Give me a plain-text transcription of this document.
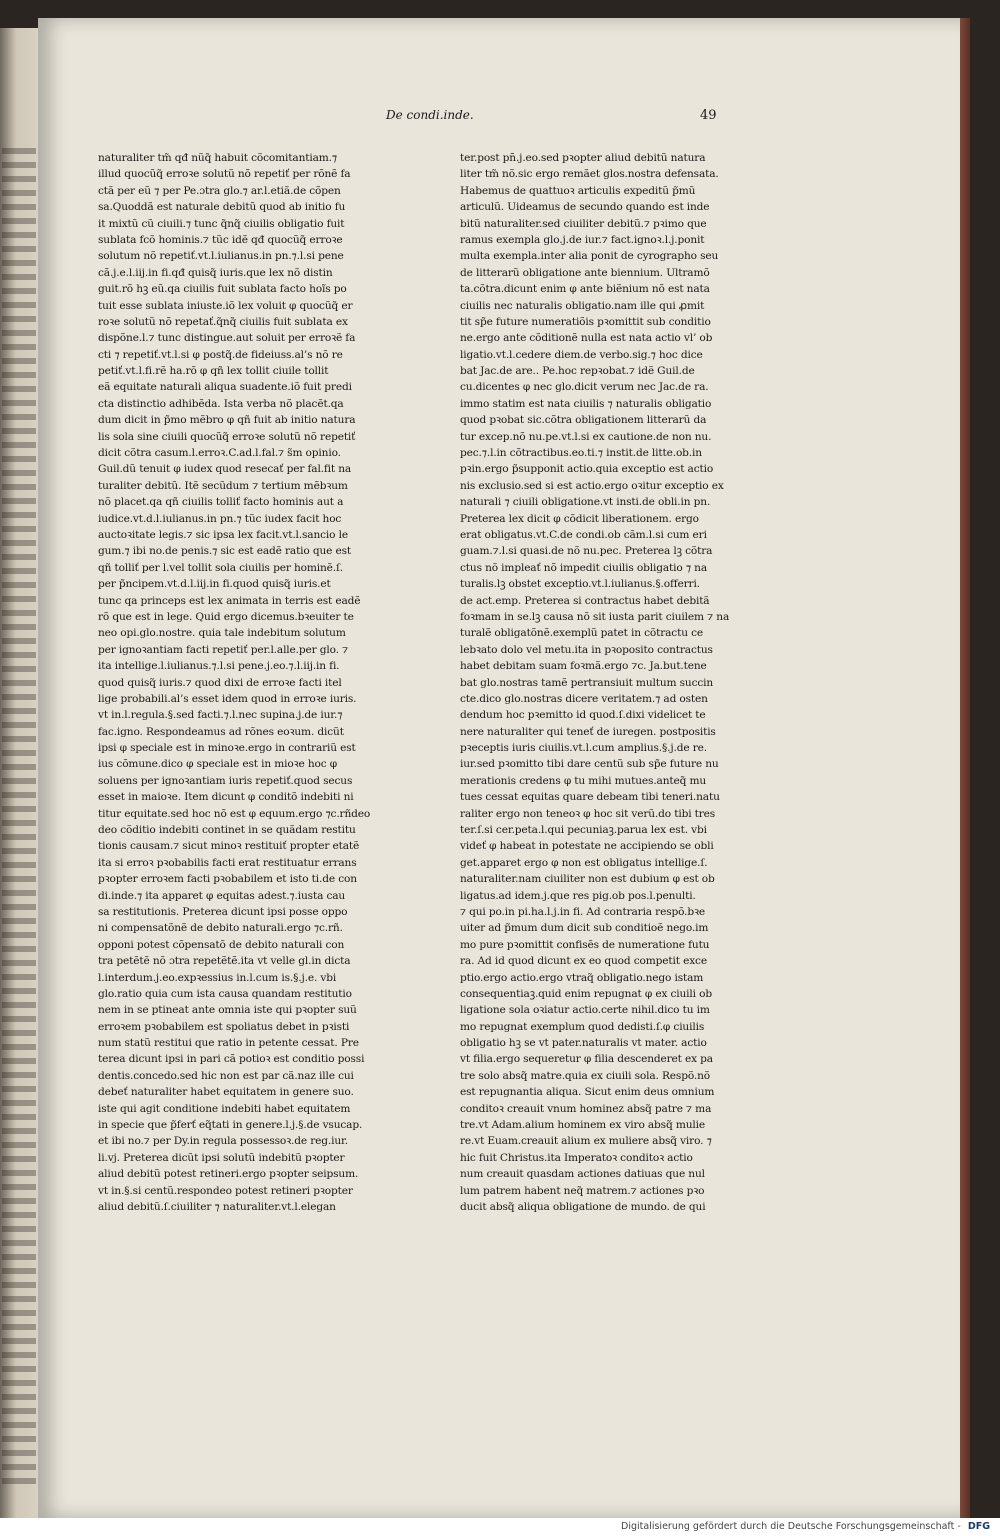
De condi.inde.	49
naturaliter tm̃ qđ nũq̃ habuit cõcomitantiam.⁊
illud quocũq̃ erroꝛe solutũ nõ repetiť per rõnẽ fa
ctã per eũ ⁊ per Pe.ɔtra glo.⁊ ar.l.etiã.de cõpen
sa.Quoddã est naturale debitũ quod ab initio fu
it mixtũ cũ ciuili.⁊ tunc q̃nq̃ ciuilis obligatio fuit
sublata fcõ hominis.⁊ tũc idẽ qđ quocũq̃ erroꝛe
solutum nõ repetiť.vt.l.iulianus.in pn.⁊.l.si pene
cã.j.e.l.iij.in fi.qđ quisq̃ iuris.que lex nõ distin
guit.rõ hꝫ eũ.qa ciuilis fuit sublata facto hoĩs po
tuit esse sublata iniuste.iõ lex voluit φ quocũq̃ er
roꝛe solutũ nõ repetať.q̃nq̃ ciuilis fuit sublata ex
dispõne.l.⁊ tunc distingue.aut soluit per erroꝛẽ fa
cti ⁊ repetiť.vt.l.si φ postq̃.de fideiuss.al’s nõ re
petiť.vt.l.fi.rẽ ha.rõ φ qñ lex tollit ciuile tollit
eã equitate naturali aliqua suadente.iõ fuit predi
cta distinctio adhibẽda. Ista verba nõ placẽt.qa
dum dicit in p̃mo mẽbro φ qñ fuit ab initio natura
lis sola sine ciuili quocũq̃ erroꝛe solutũ nõ repetiť
dicit cõtra casum.l.erroꝛ.C.ad.l.fal.⁊ s̃m opinio.
Guil.dũ tenuit φ iudex quod resecať per fal.fit na
turaliter debitũ. Itẽ secũdum ⁊ tertium mẽbꝛum
nõ placet.qa qñ ciuilis tolliť facto hominis aut a
iudice.vt.d.l.iulianus.in pn.⁊ tũc iudex facit hoc
auctoꝛitate legis.⁊ sic ipsa lex facit.vt.l.sancio le
gum.⁊ ibi no.de penis.⁊ sic est eadẽ ratio que est
qñ tolliť per l.vel tollit sola ciuilis per hominẽ.ſ.
per p̃ncipem.vt.d.l.iij.in fi.quod quisq̃ iuris.et
tunc qa princeps est lex animata in terris est eadẽ
rõ que est in lege. Quid ergo dicemus.bꝛeuiter te
neo opi.glo.nostre. quia tale indebitum solutum
per ignoꝛantiam facti repetiť per.l.alle.per glo. ⁊
ita intellige.l.iulianus.⁊.l.si pene.j.eo.⁊.l.iij.in fi.
quod quisq̃ iuris.⁊ quod dixi de erroꝛe facti itel
lige probabili.al’s esset idem quod in erroꝛe iuris.
vt in.l.regula.§.sed facti.⁊.l.nec supina.j.de iur.⁊
fac.igno. Respondeamus ad rõnes eoꝛum. dicũt
ipsi φ speciale est in minoꝛe.ergo in contrariũ est
ius cõmune.dico φ speciale est in mioꝛe hoc φ
soluens per ignoꝛantiam iuris repetiť.quod secus
esset in maioꝛe. Item dicunt φ conditõ indebiti ni
titur equitate.sed hoc nõ est φ equum.ergo ⁊c.rñdeo
deo cõditio indebiti continet in se quãdam restitu
tionis causam.⁊ sicut minoꝛ restituiť propter etatẽ
ita si erroꝛ pꝛobabilis facti erat restituatur errans
pꝛopter erroꝛem facti pꝛobabilem et isto ti.de con
di.inde.⁊ ita apparet φ equitas adest.⁊.iusta cau
sa restitutionis. Preterea dicunt ipsi posse oppo
ni compensatõnẽ de debito naturali.ergo ⁊c.rñ.
opponi potest cõpensatõ de debito naturali con
tra petẽtẽ nõ ɔtra repetẽtẽ.ita vt velle gl.in dicta
l.interdum.j.eo.expꝛessius in.l.cum is.§.j.e. vbi
glo.ratio quia cum ista causa quandam restitutio
nem in se ptineat ante omnia iste qui pꝛopter suũ
erroꝛem pꝛobabilem est spoliatus debet in pꝛisti
num statũ restitui que ratio in petente cessat. Pre
terea dicunt ipsi in pari cã potioꝛ est conditio possi
dentis.concedo.sed hic non est par cã.naz ille cui
debeť naturaliter habet equitatem in genere suo.
iste qui agit conditione indebiti habet equitatem
in specie que p̃ferť eq̃tati in genere.l.j.§.de vsucap.
et ibi no.⁊ per Dy.in regula possessoꝛ.de reg.iur.
li.vj. Preterea dicũt ipsi solutũ indebitũ pꝛopter
aliud debitũ potest retineri.ergo pꝛopter seipsum.
vt in.§.si centũ.respondeo potest retineri pꝛopter
aliud debitũ.ſ.ciuiliter ⁊ naturaliter.vt.l.elegan
ter.post pn̄.j.eo.sed pꝛopter aliud debitũ natura
liter tm̃ nõ.sic ergo remãet glos.nostra defensata.
Habemus de quattuoꝛ articulis expeditũ p̃mũ
articulũ. Uideamus de secundo quando est inde
bitũ naturaliter.sed ciuiliter debitũ.⁊ pꝛimo que
ramus exempla glo.j.de iur.⁊ fact.ignoꝛ.l.j.ponit
multa exempla.inter alia ponit de cyrographo seu
de litterarũ obligatione ante biennium. Ultramõ
ta.cõtra.dicunt enim φ ante biẽnium nõ est nata
ciuilis nec naturalis obligatio.nam ille qui ꝓmit
tit sp̃e future numeratiõis pꝛomittit sub conditio
ne.ergo ante cõditionẽ nulla est nata actio vl’ ob
ligatio.vt.l.cedere diem.de verbo.sig.⁊ hoc dice
bat Jac.de are.. Pe.hoc repꝛobat.⁊ idẽ Guil.de
cu.dicentes φ nec glo.dicit verum nec Jac.de ra.
immo statim est nata ciuilis ⁊ naturalis obligatio
quod pꝛobat sic.cõtra obligationem litterarũ da
tur excep.nõ nu.pe.vt.l.si ex cautione.de non nu.
pec.⁊.l.in cõtractibus.eo.ti.⁊ instit.de litte.ob.in
pꝛin.ergo p̃supponit actio.quia exceptio est actio
nis exclusio.sed si est actio.ergo oꝛitur exceptio ex
naturali ⁊ ciuili obligatione.vt insti.de obli.in pn.
Preterea lex dicit φ cõdicit liberationem. ergo
erat obligatus.vt.C.de condi.ob cãm.l.si cum eri
guam.⁊.l.si quasi.de nõ nu.pec. Preterea lꝫ cõtra
ctus nõ impleať nõ impedit ciuilis obligatio ⁊ na
turalis.lꝫ obstet exceptio.vt.l.iulianus.§.offerri.
de act.emp. Preterea si contractus habet debitã
foꝛmam in se.lꝫ causa nõ sit iusta parit ciuilem ⁊ na
turalẽ obligatõnẽ.exemplũ patet in cõtractu ce
lebꝛato dolo vel metu.ita in pꝛoposito contractus
habet debitam suam foꝛmã.ergo ⁊c. Ja.but.tene
bat glo.nostras tamẽ pertransiuit multum succin
cte.dico glo.nostras dicere veritatem.⁊ ad osten
dendum hoc pꝛemitto id quod.ſ.dixi videlicet te
nere naturaliter qui teneť de iuregen. postpositis
pꝛeceptis iuris ciuilis.vt.l.cum amplius.§.j.de re.
iur.sed pꝛomitto tibi dare centũ sub sp̃e future nu
merationis credens φ tu mihi mutues.anteq̃ mu
tues cessat equitas quare debeam tibi teneri.natu
raliter ergo non teneoꝛ φ hoc sit verũ.do tibi tres
ter.ſ.si cer.peta.l.qui pecuniaꝫ.parua lex est. vbi
videť φ habeat in potestate ne accipiendo se obli
get.apparet ergo φ non est obligatus intellige.ſ.
naturaliter.nam ciuiliter non est dubium φ est ob
ligatus.ad idem.j.que res pig.ob pos.l.penulti.
⁊ qui po.in pi.ha.l.j.in fi. Ad contraria respõ.bꝛe
uiter ad p̃mum dum dicit sub conditioẽ nego.im
mo pure pꝛomittit confisẽs de numeratione futu
ra. Ad id quod dicunt ex eo quod competit exce
ptio.ergo actio.ergo vtraq̃ obligatio.nego istam
consequentiaꝫ.quid enim repugnat φ ex ciuili ob
ligatione sola oꝛiatur actio.certe nihil.dico tu im
mo repugnat exemplum quod dedisti.ſ.φ ciuilis
obligatio hꝫ se vt pater.naturalis vt mater. actio
vt filia.ergo sequeretur φ filia descenderet ex pa
tre solo absq̃ matre.quia ex ciuili sola. Respõ.nõ
est repugnantia aliqua. Sicut enim deus omnium
conditoꝛ creauit vnum hominez absq̃ patre ⁊ ma
tre.vt Adam.alium hominem ex viro absq̃ mulie
re.vt Euam.creauit alium ex muliere absq̃ viro. ⁊
hic fuit Christus.ita Imperatoꝛ conditoꝛ actio
num creauit quasdam actiones datiuas que nul
lum patrem habent neq̃ matrem.⁊ actiones pꝛo
ducit absq̃ aliqua obligatione de mundo. de qui
Digitalisierung gefördert durch die Deutsche Forschungsgemeinschaft - DFG
